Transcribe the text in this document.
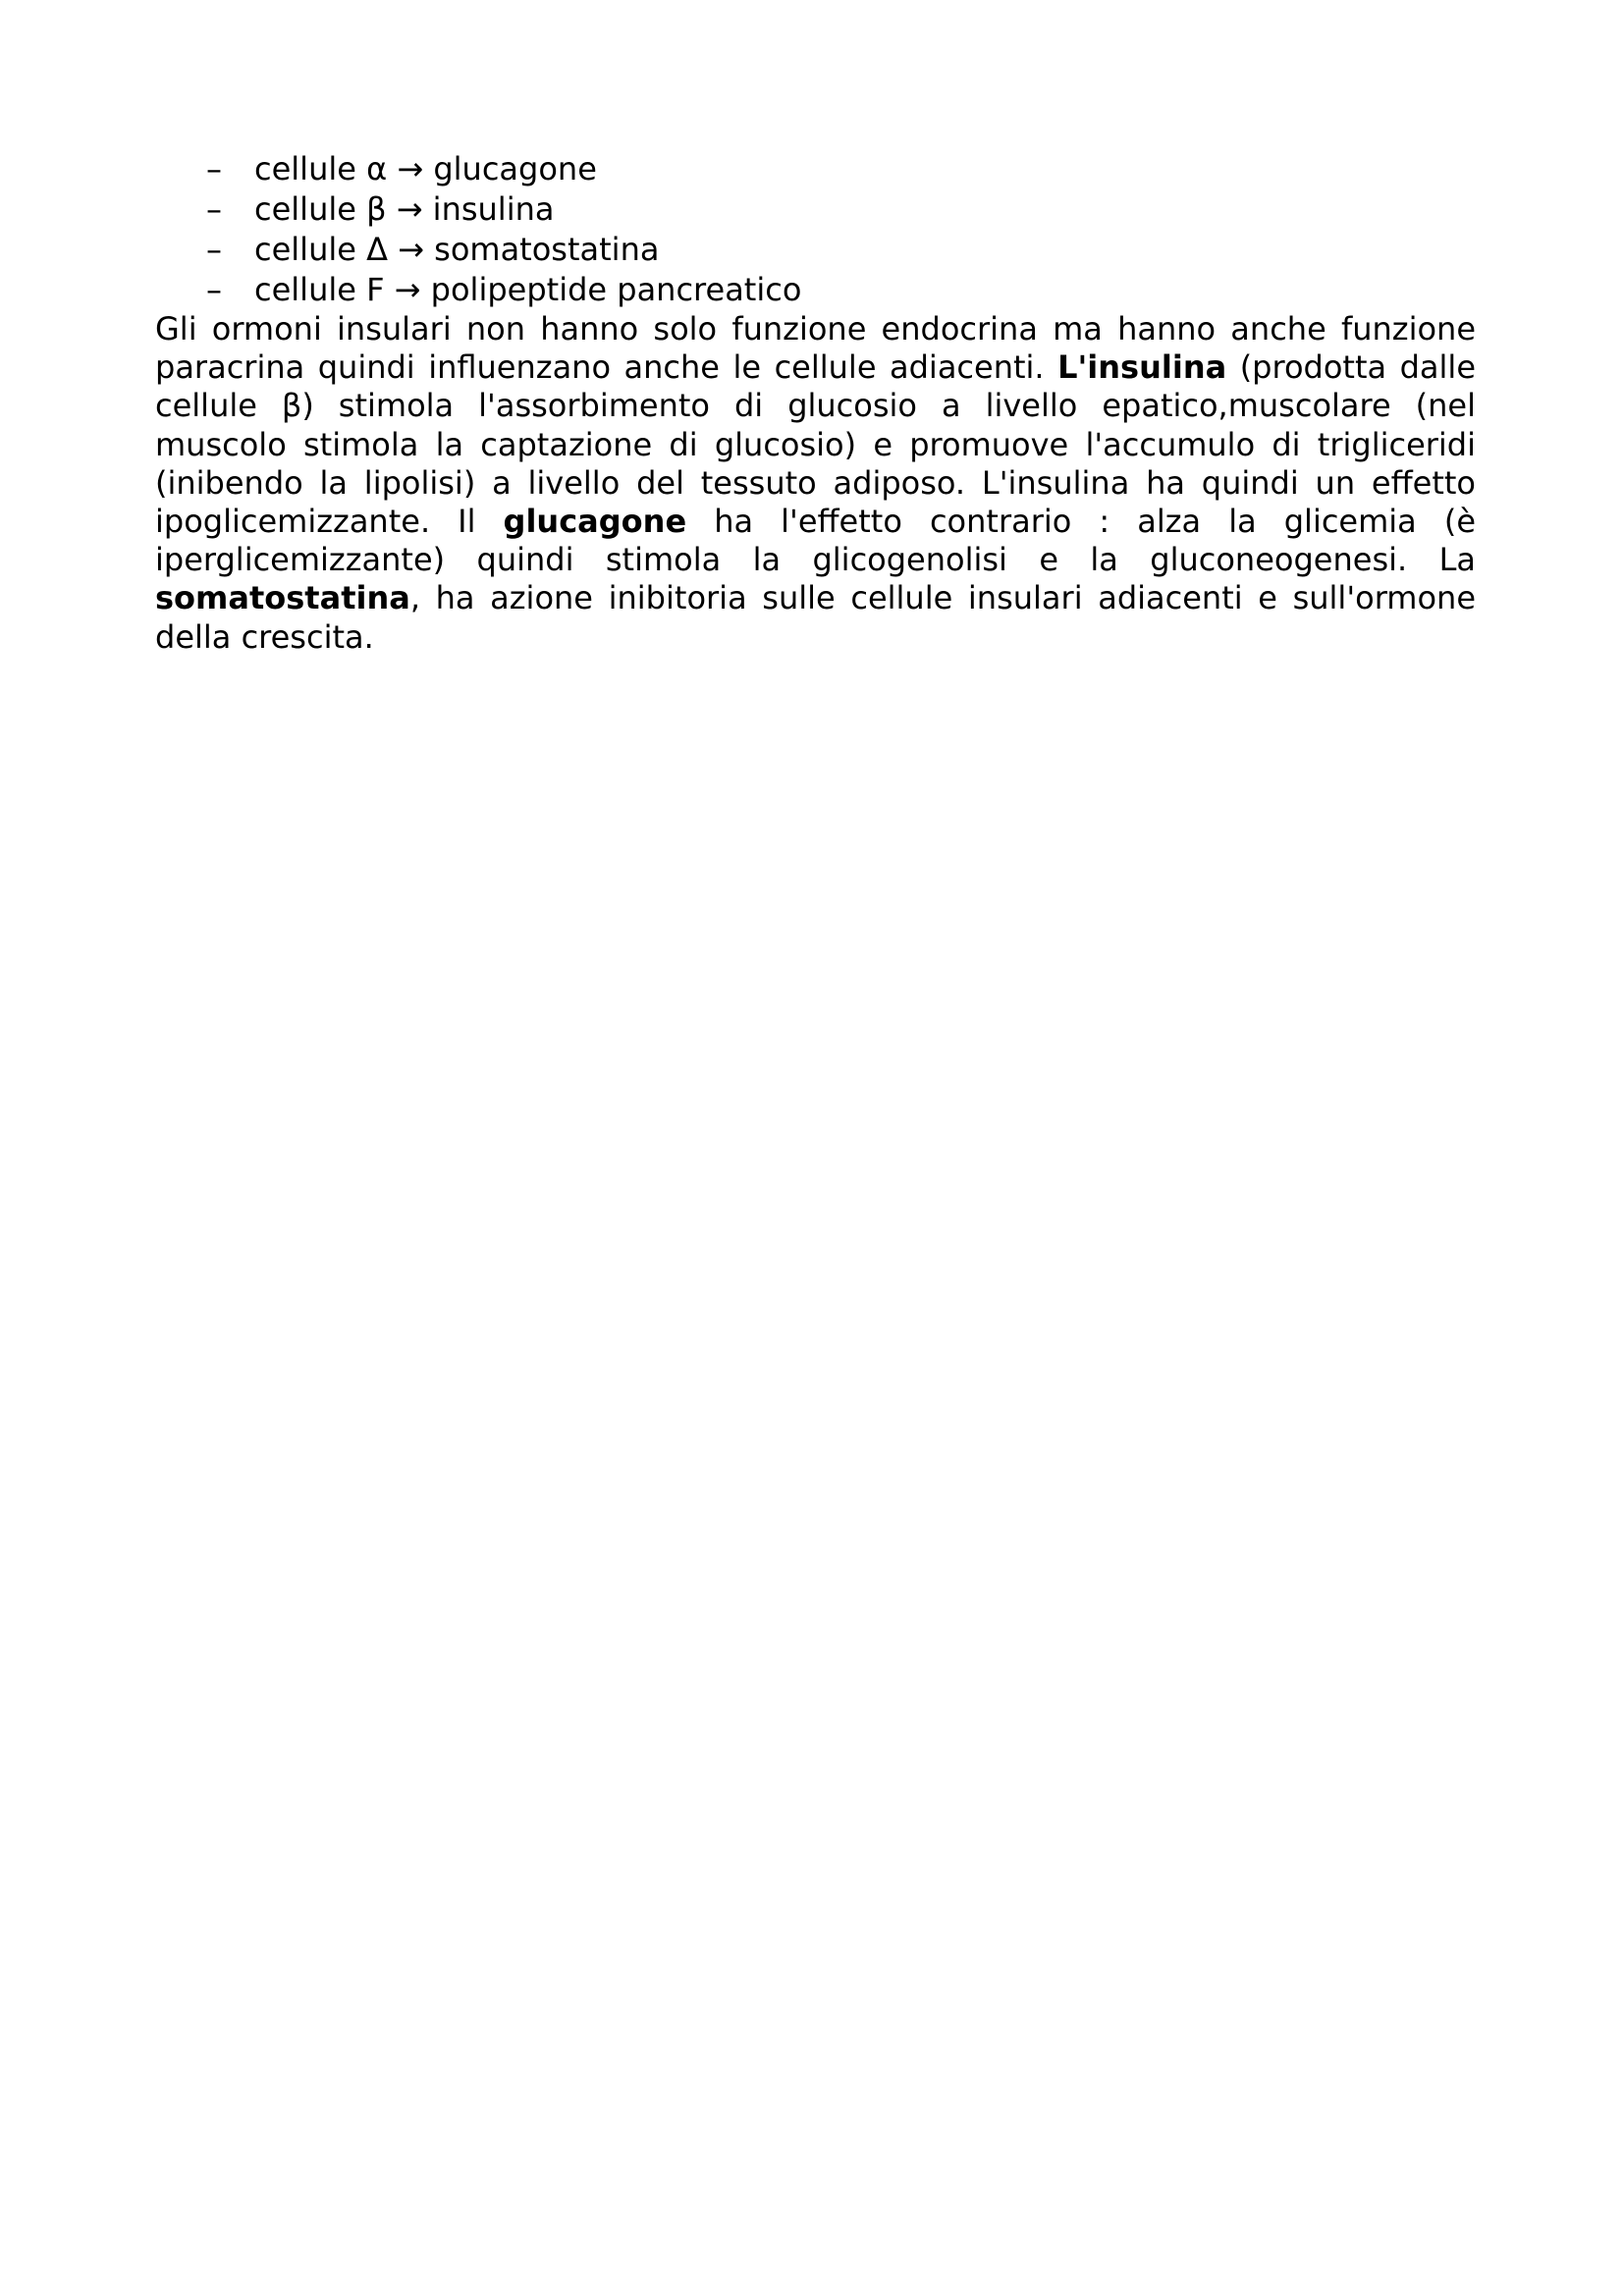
– cellule α → glucagone
– cellule β → insulina
– cellule Δ → somatostatina
– cellule F → polipeptide pancreatico

Gli ormoni insulari non hanno solo funzione endocrina ma hanno anche funzione paracrina quindi influenzano anche le cellule adiacenti. L'insulina (prodotta dalle cellule β) stimola l'assorbimento di glucosio a livello epatico,muscolare (nel muscolo stimola la captazione di glucosio) e promuove l'accumulo di trigliceridi (inibendo la lipolisi) a livello del tessuto adiposo. L'insulina ha quindi un effetto ipoglicemizzante. Il glucagone ha l'effetto contrario : alza la glicemia (è iperglicemizzante) quindi stimola la glicogenolisi e la gluconeogenesi. La somatostatina, ha azione inibitoria sulle cellule insulari adiacenti e sull'ormone della crescita.
